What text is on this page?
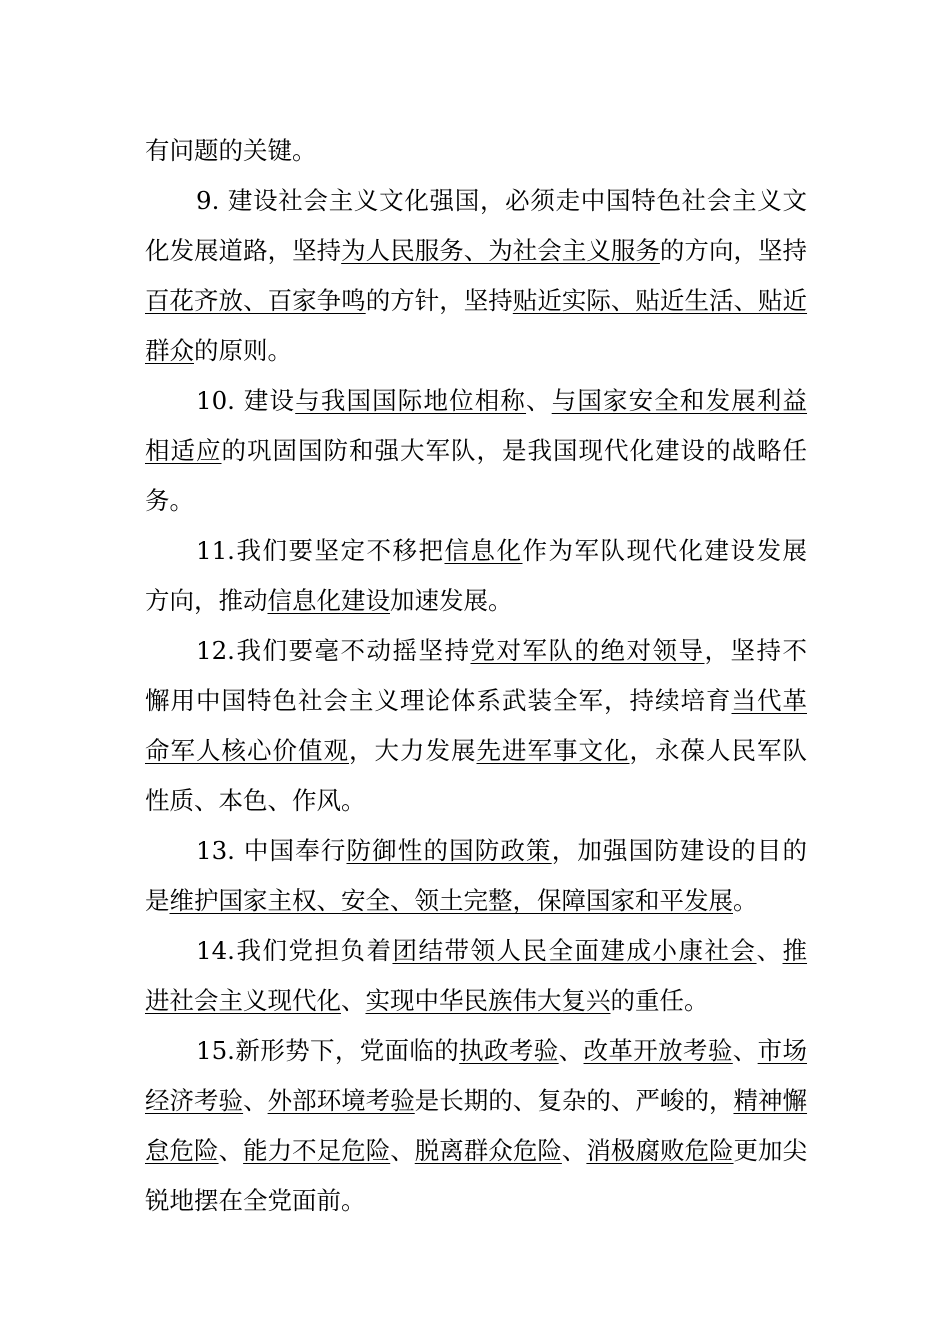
有问题的关键。
9. 建设社会主义文化强国，必须走中国特色社会主义文
化发展道路，坚持为人民服务、为社会主义服务的方向，坚持
百花齐放、百家争鸣的方针，坚持贴近实际、贴近生活、贴近
群众的原则。
10. 建设与我国国际地位相称、与国家安全和发展利益
相适应的巩固国防和强大军队，是我国现代化建设的战略任
务。
11.我们要坚定不移把信息化作为军队现代化建设发展
方向，推动信息化建设加速发展。
12.我们要毫不动摇坚持党对军队的绝对领导，坚持不
懈用中国特色社会主义理论体系武装全军，持续培育当代革
命军人核心价值观，大力发展先进军事文化，永葆人民军队
性质、本色、作风。
13. 中国奉行防御性的国防政策，加强国防建设的目的
是维护国家主权、安全、领土完整，保障国家和平发展。
14.我们党担负着团结带领人民全面建成小康社会、推
进社会主义现代化、实现中华民族伟大复兴的重任。
15.新形势下，党面临的执政考验、改革开放考验、市场
经济考验、外部环境考验是长期的、复杂的、严峻的，精神懈
怠危险、能力不足危险、脱离群众危险、消极腐败危险更加尖
锐地摆在全党面前。
